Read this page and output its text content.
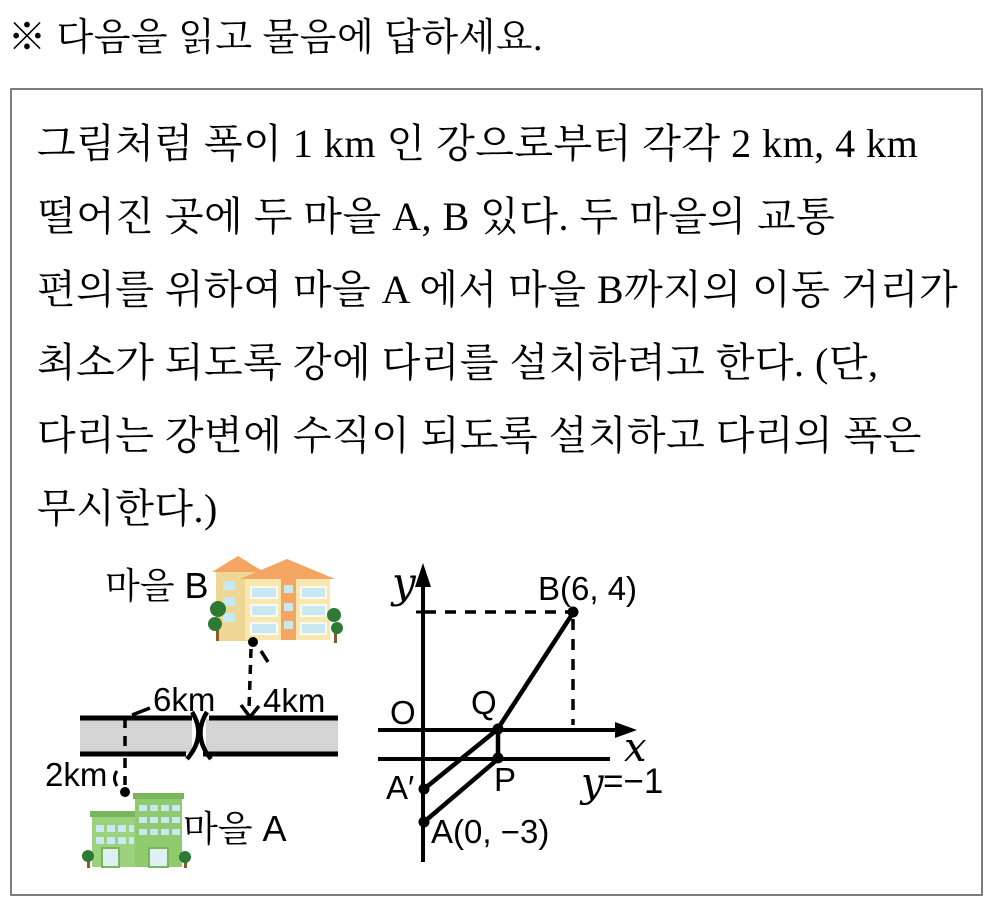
※ 다음을 읽고 물음에 답하세요.
그림처럼 폭이 1 km 인 강으로부터 각각 2 km, 4 km
떨어진 곳에 두 마을 A, B 있다. 두 마을의 교통
편의를 위하여 마을 A 에서 마을 B까지의 이동 거리가
최소가 되도록 강에 다리를 설치하려고 한다. (단,
다리는 강변에 수직이 되도록 설치하고 다리의 폭은
무시한다.)
마을 B
4km
6km
2km
마을 A
y
O
x
B(6, 4)
Q
P
A′
A(0, −3)
y =−1
